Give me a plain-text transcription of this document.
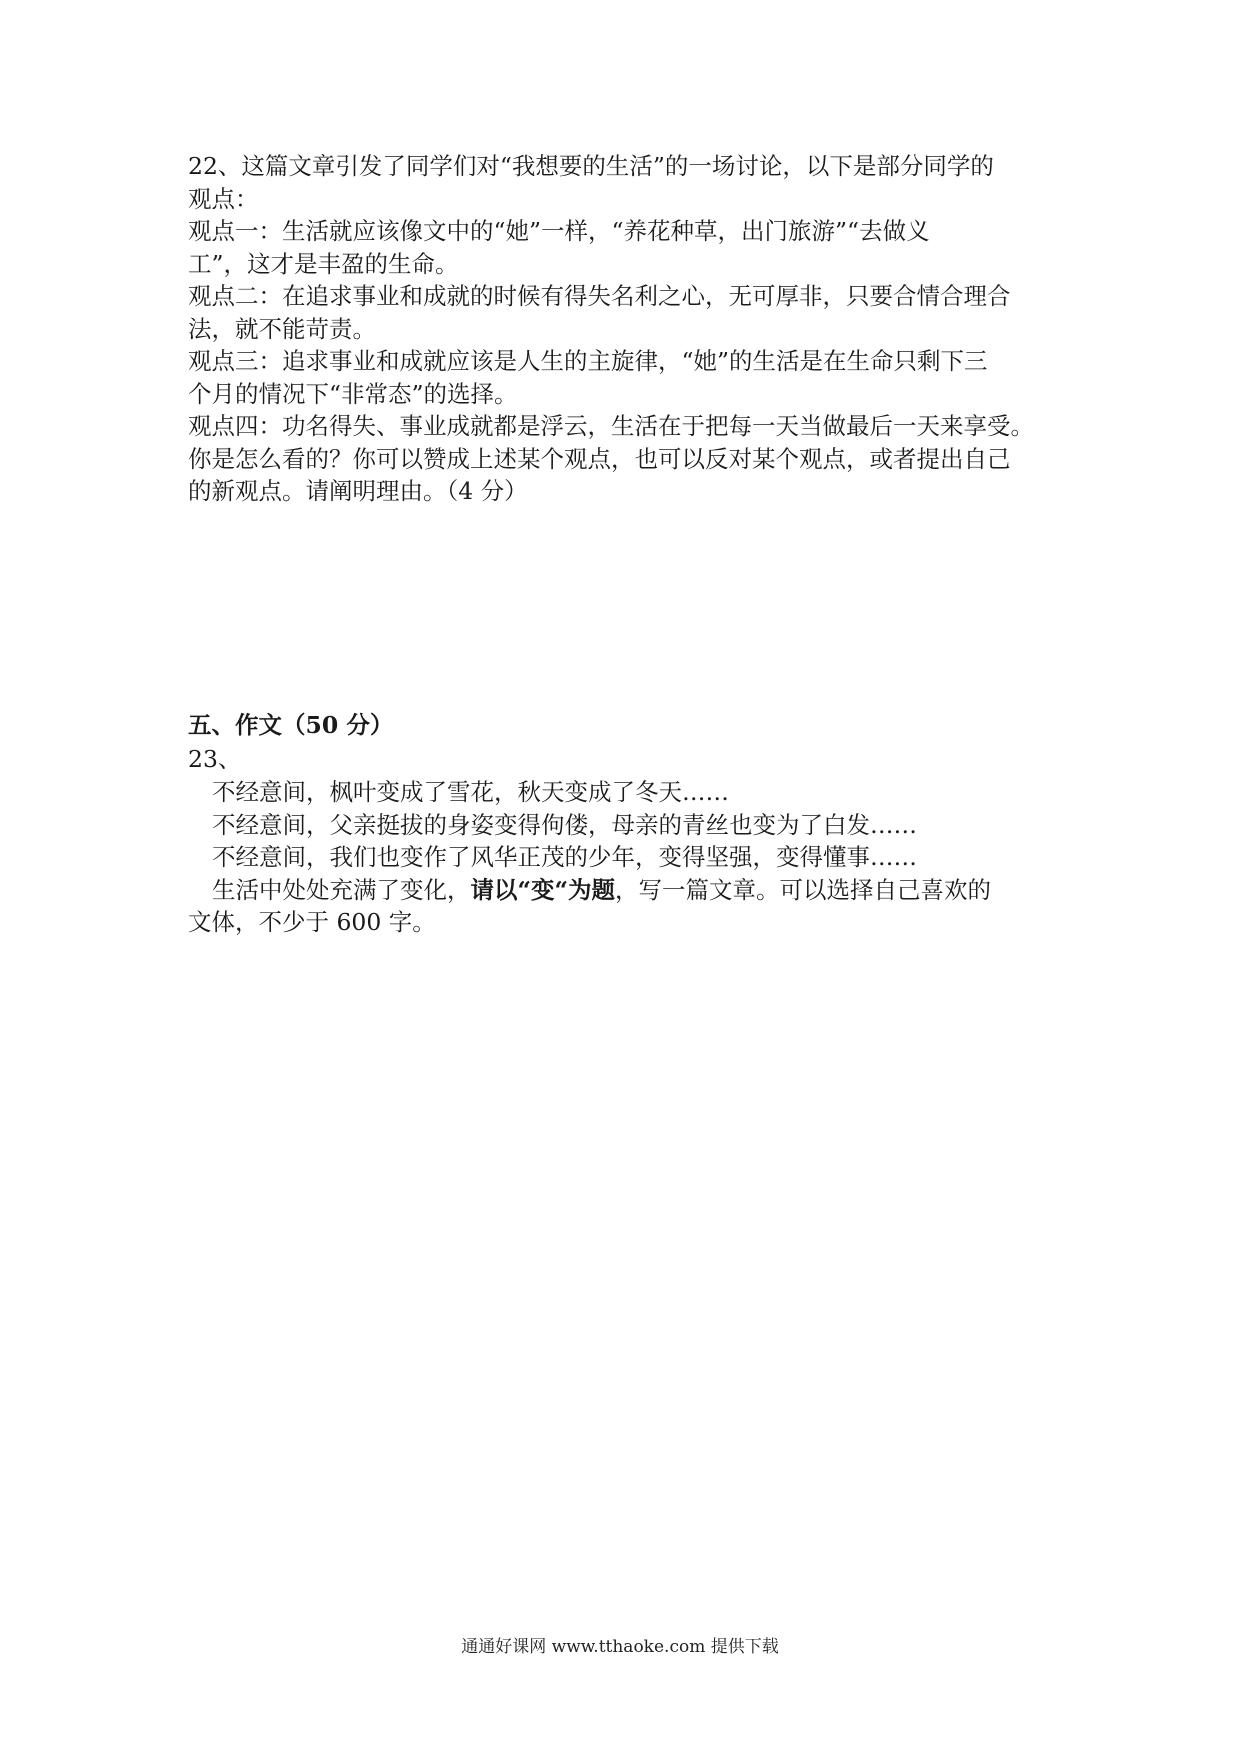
22、这篇文章引发了同学们对“我想要的生活”的一场讨论，以下是部分同学的

观点：

观点一：生活就应该像文中的“她”一样，“养花种草，出门旅游”“去做义

工”，这才是丰盈的生命。

观点二：在追求事业和成就的时候有得失名利之心，无可厚非，只要合情合理合

法，就不能苛责。

观点三：追求事业和成就应该是人生的主旋律，“她”的生活是在生命只剩下三

个月的情况下“非常态”的选择。

观点四：功名得失、事业成就都是浮云，生活在于把每一天当做最后一天来享受。

你是怎么看的？你可以赞成上述某个观点，也可以反对某个观点，或者提出自己

的新观点。请阐明理由。（4 分）

五、作文（50 分）

23、

不经意间，枫叶变成了雪花，秋天变成了冬天……

不经意间，父亲挺拔的身姿变得佝偻，母亲的青丝也变为了白发……

不经意间，我们也变作了风华正茂的少年，变得坚强，变得懂事……

生活中处处充满了变化，请以“变“为题，写一篇文章。可以选择自己喜欢的

文体，不少于 600 字。

通通好课网 www.tthaoke.com 提供下载
